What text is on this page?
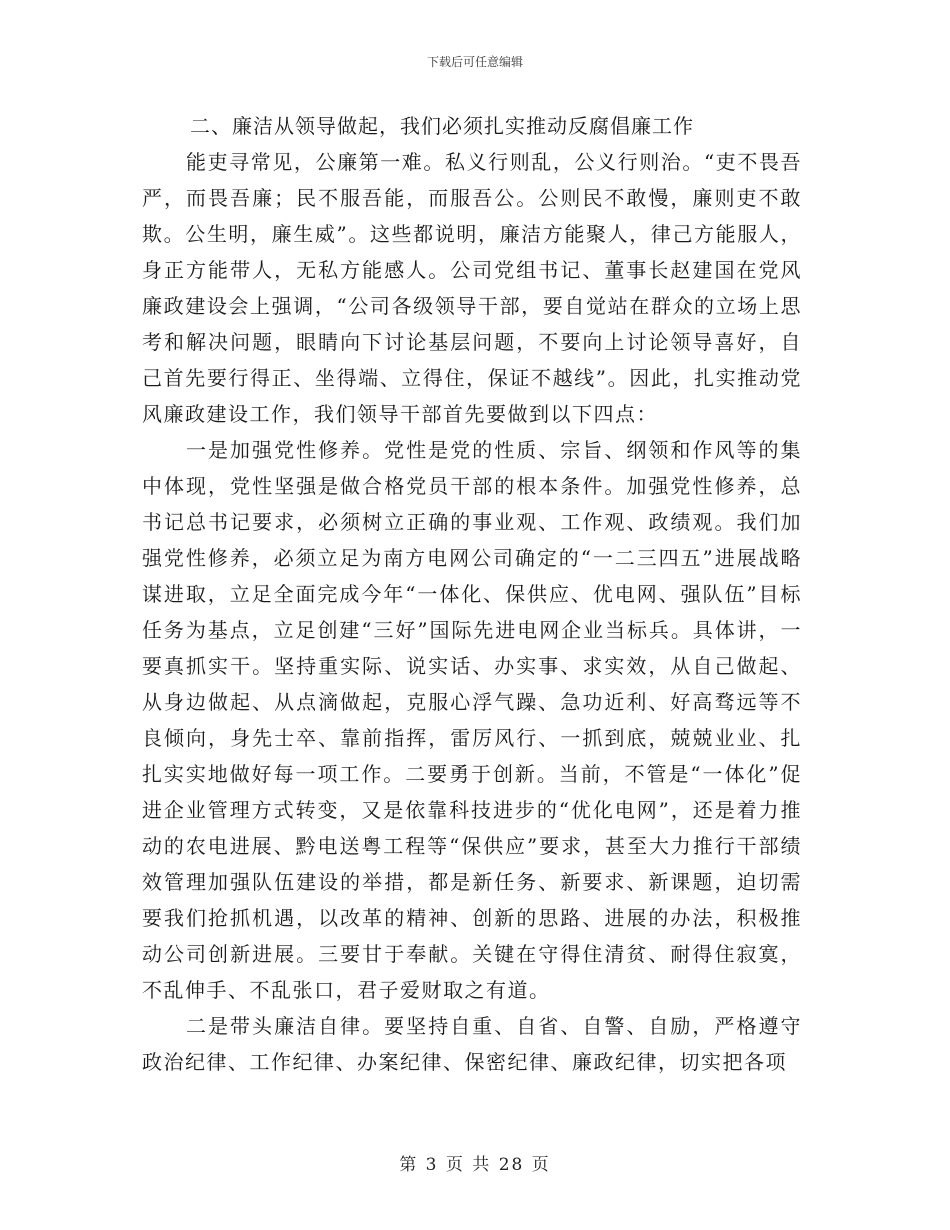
下载后可任意编辑

二、廉洁从领导做起，我们必须扎实推动反腐倡廉工作

能吏寻常见，公廉第一难。私义行则乱，公义行则治。“吏不畏吾严，而畏吾廉；民不服吾能，而服吾公。公则民不敢慢，廉则吏不敢欺。公生明，廉生威”。这些都说明，廉洁方能聚人，律己方能服人，身正方能带人，无私方能感人。公司党组书记、董事长赵建国在党风廉政建设会上强调，“公司各级领导干部，要自觉站在群众的立场上思考和解决问题，眼睛向下讨论基层问题，不要向上讨论领导喜好，自己首先要行得正、坐得端、立得住，保证不越线”。因此，扎实推动党风廉政建设工作，我们领导干部首先要做到以下四点：

一是加强党性修养。党性是党的性质、宗旨、纲领和作风等的集中体现，党性坚强是做合格党员干部的根本条件。加强党性修养，总书记总书记要求，必须树立正确的事业观、工作观、政绩观。我们加强党性修养，必须立足为南方电网公司确定的“一二三四五”进展战略谋进取，立足全面完成今年“一体化、保供应、优电网、强队伍”目标任务为基点，立足创建“三好”国际先进电网企业当标兵。具体讲，一要真抓实干。坚持重实际、说实话、办实事、求实效，从自己做起、从身边做起、从点滴做起，克服心浮气躁、急功近利、好高骛远等不良倾向，身先士卒、靠前指挥，雷厉风行、一抓到底，兢兢业业、扎扎实实地做好每一项工作。二要勇于创新。当前，不管是“一体化”促进企业管理方式转变，又是依靠科技进步的“优化电网”，还是着力推动的农电进展、黔电送粤工程等“保供应”要求，甚至大力推行干部绩效管理加强队伍建设的举措，都是新任务、新要求、新课题，迫切需要我们抢抓机遇，以改革的精神、创新的思路、进展的办法，积极推动公司创新进展。三要甘于奉献。关键在守得住清贫、耐得住寂寞，不乱伸手、不乱张口，君子爱财取之有道。

二是带头廉洁自律。要坚持自重、自省、自警、自励，严格遵守政治纪律、工作纪律、办案纪律、保密纪律、廉政纪律，切实把各项

第 3 页 共 28 页
